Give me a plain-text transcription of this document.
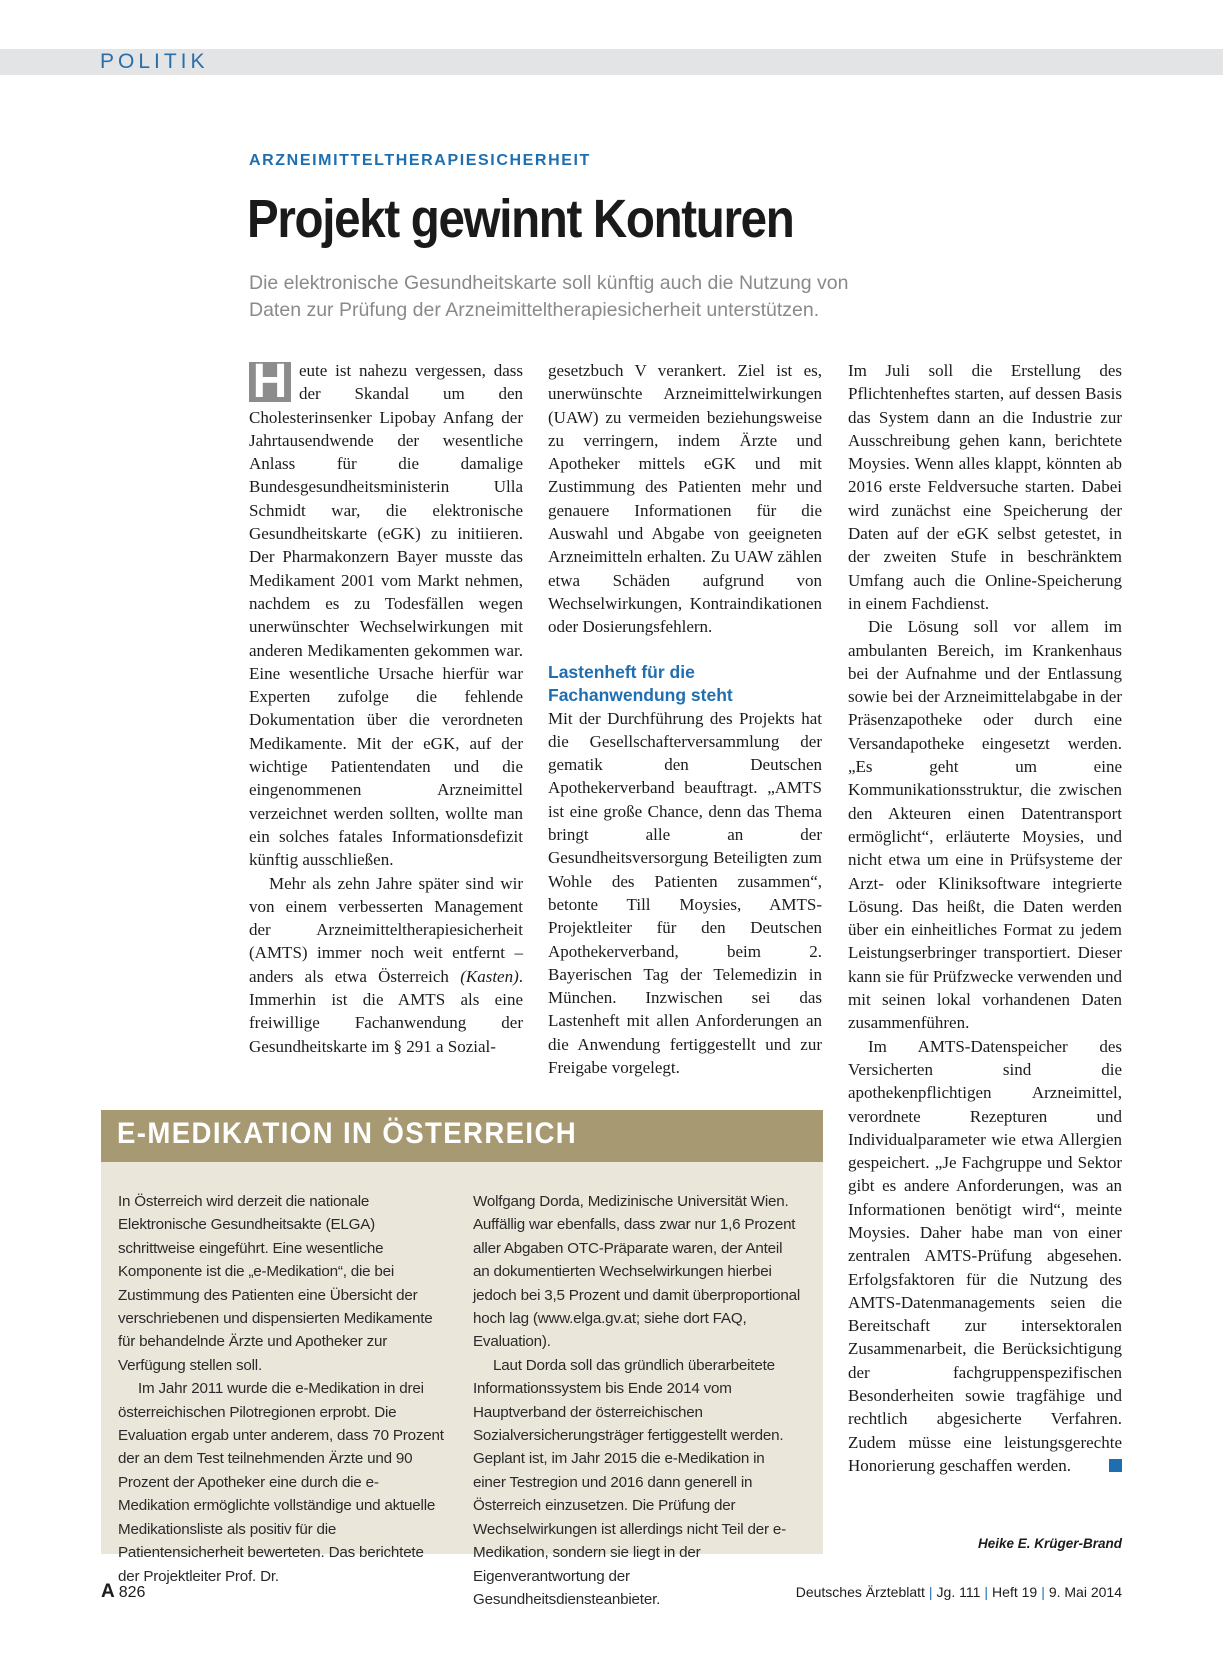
POLITIK
ARZNEIMITTELTHERAPIESICHERHEIT
Projekt gewinnt Konturen
Die elektronische Gesundheitskarte soll künftig auch die Nutzung von
Daten zur Prüfung der Arzneimitteltherapiesicherheit unterstützen.

H eute ist nahezu vergessen, dass der Skandal um den Cholesterinsenker Lipobay Anfang der Jahrtausendwende der wesentliche Anlass für die damalige Bundesgesundheitsministerin Ulla Schmidt war, die elektronische Gesundheitskarte (eGK) zu initiieren. Der Pharmakonzern Bayer musste das Medikament 2001 vom Markt nehmen, nachdem es zu Todesfällen wegen unerwünschter Wechselwirkungen mit anderen Medikamenten gekommen war. Eine wesentliche Ursache hierfür war Experten zufolge die fehlende Dokumentation über die verordneten Medikamente. Mit der eGK, auf der wichtige Patientendaten und die eingenommenen Arzneimittel verzeichnet werden sollten, wollte man ein solches fatales Informationsdefizit künftig ausschließen.

Mehr als zehn Jahre später sind wir von einem verbesserten Management der Arzneimitteltherapiesicherheit (AMTS) immer noch weit entfernt – anders als etwa Österreich (Kasten). Immerhin ist die AMTS als eine freiwillige Fachanwendung der Gesundheitskarte im § 291 a Sozial-

gesetzbuch V verankert. Ziel ist es, unerwünschte Arzneimittelwirkungen (UAW) zu vermeiden beziehungsweise zu verringern, indem Ärzte und Apotheker mittels eGK und mit Zustimmung des Patienten mehr und genauere Informationen für die Auswahl und Abgabe von geeigneten Arzneimitteln erhalten. Zu UAW zählen etwa Schäden aufgrund von Wechselwirkungen, Kontraindikationen oder Dosierungsfehlern.

Lastenheft für die
Fachanwendung steht

Mit der Durchführung des Projekts hat die Gesellschafterversammlung der gematik den Deutschen Apothekerverband beauftragt. „AMTS ist eine große Chance, denn das Thema bringt alle an der Gesundheitsversorgung Beteiligten zum Wohle des Patienten zusammen“, betonte Till Moysies, AMTS-Projektleiter für den Deutschen Apothekerverband, beim 2. Bayerischen Tag der Telemedizin in München. Inzwischen sei das Lastenheft mit allen Anforderungen an die Anwendung fertiggestellt und zur Freigabe vorgelegt.

Im Juli soll die Erstellung des Pflichtenheftes starten, auf dessen Basis das System dann an die Industrie zur Ausschreibung gehen kann, berichtete Moysies. Wenn alles klappt, könnten ab 2016 erste Feldversuche starten. Dabei wird zunächst eine Speicherung der Daten auf der eGK selbst getestet, in der zweiten Stufe in beschränktem Umfang auch die Online-Speicherung in einem Fachdienst.

Die Lösung soll vor allem im ambulanten Bereich, im Krankenhaus bei der Aufnahme und der Entlassung sowie bei der Arzneimittelabgabe in der Präsenzapotheke oder durch eine Versandapotheke eingesetzt werden. „Es geht um eine Kommunikationsstruktur, die zwischen den Akteuren einen Datentransport ermöglicht“, erläuterte Moysies, und nicht etwa um eine in Prüfsysteme der Arzt- oder Kliniksoftware integrierte Lösung. Das heißt, die Daten werden über ein einheitliches Format zu jedem Leistungserbringer transportiert. Dieser kann sie für Prüfzwecke verwenden und mit seinen lokal vorhandenen Daten zusammenführen.

Im AMTS-Datenspeicher des Versicherten sind die apothekenpflichtigen Arzneimittel, verordnete Rezepturen und Individualparameter wie etwa Allergien gespeichert. „Je Fachgruppe und Sektor gibt es andere Anforderungen, was an Informationen benötigt wird“, meinte Moysies. Daher habe man von einer zentralen AMTS-Prüfung abgesehen. Erfolgsfaktoren für die Nutzung des AMTS-Datenmanagements seien die Bereitschaft zur intersektoralen Zusammenarbeit, die Berücksichtigung der fachgruppenspezifischen Besonderheiten sowie tragfähige und rechtlich abgesicherte Verfahren. Zudem müsse eine leistungsgerechte Honorierung geschaffen werden.

Heike E. Krüger-Brand
E-MEDIKATION IN ÖSTERREICH

In Österreich wird derzeit die nationale Elektronische Gesundheitsakte (ELGA) schrittweise eingeführt. Eine wesentliche Komponente ist die „e-Medikation“, die bei Zustimmung des Patienten eine Übersicht der verschriebenen und dispensierten Medikamente für behandelnde Ärzte und Apotheker zur Verfügung stellen soll.

Im Jahr 2011 wurde die e-Medikation in drei österreichischen Pilotregionen erprobt. Die Evaluation ergab unter anderem, dass 70 Prozent der an dem Test teilnehmenden Ärzte und 90 Prozent der Apotheker eine durch die e-Medikation ermöglichte vollständige und aktuelle Medikationsliste als positiv für die Patientensicherheit bewerteten. Das berichtete der Projektleiter Prof. Dr.

Wolfgang Dorda, Medizinische Universität Wien. Auffällig war ebenfalls, dass zwar nur 1,6 Prozent aller Abgaben OTC-Präparate waren, der Anteil an dokumentierten Wechselwirkungen hierbei jedoch bei 3,5 Prozent und damit überproportional hoch lag (www.elga.gv.at; siehe dort FAQ, Evaluation).

Laut Dorda soll das gründlich überarbeitete Informationssystem bis Ende 2014 vom Hauptverband der österreichischen Sozialversicherungsträger fertiggestellt werden. Geplant ist, im Jahr 2015 die e-Medikation in einer Testregion und 2016 dann generell in Österreich einzusetzen. Die Prüfung der Wechselwirkungen ist allerdings nicht Teil der e-Medikation, sondern sie liegt in der Eigenverantwortung der Gesundheitsdiensteanbieter.

A 826	Deutsches Ärzteblatt | Jg. 111 | Heft 19 | 9. Mai 2014
